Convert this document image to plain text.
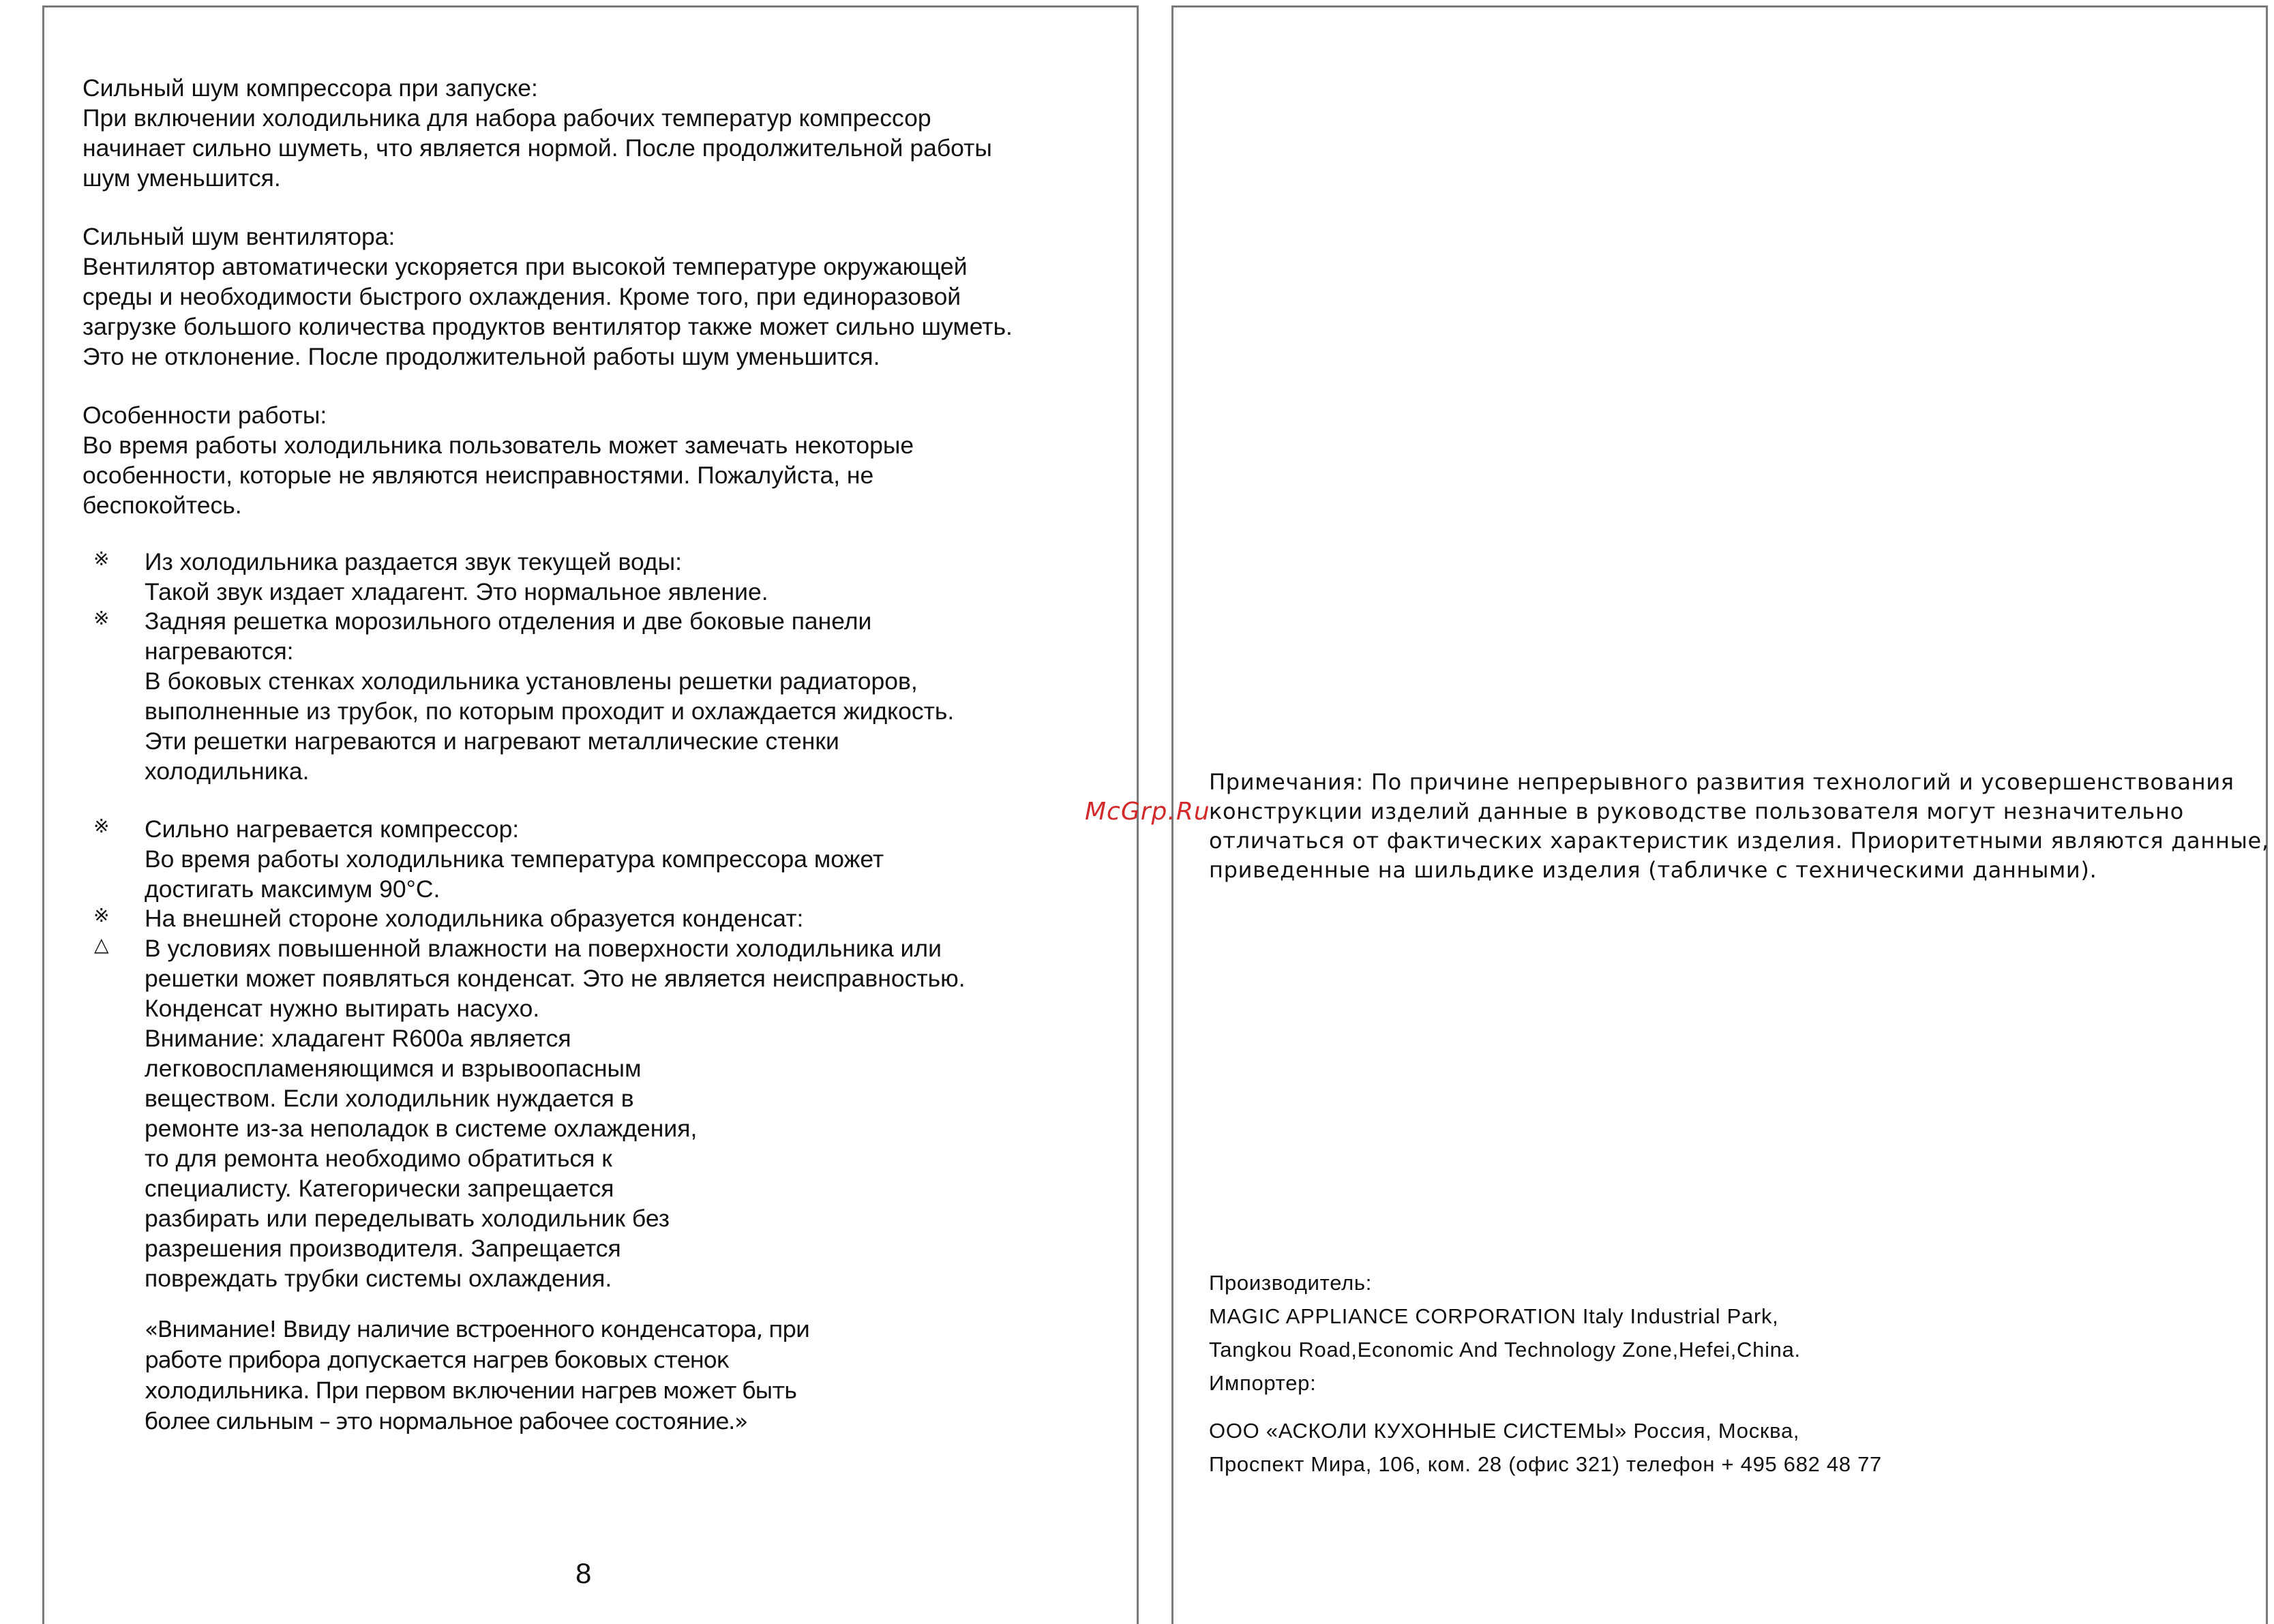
Сильный шум компрессора при запуске:
При включении холодильника для набора рабочих температур компрессор
начинает сильно шуметь, что является нормой. После продолжительной работы
шум уменьшится.
Сильный шум вентилятора:
Вентилятор автоматически ускоряется при высокой температуре окружающей
среды и необходимости быстрого охлаждения. Кроме того, при единоразовой
загрузке большого количества продуктов вентилятор также может сильно шуметь.
Это не отклонение. После продолжительной работы шум уменьшится.
Особенности работы:
Во время работы холодильника пользователь может замечать некоторые
особенности, которые не являются неисправностями. Пожалуйста, не
беспокойтесь.
※
※
※
※
△
Из холодильника раздается звук текущей воды:
Такой звук издает хладагент. Это нормальное явление.
Задняя решетка морозильного отделения и две боковые панели
нагреваются:
В боковых стенках холодильника установлены решетки радиаторов,
выполненные из трубок, по которым проходит и охлаждается жидкость.
Эти решетки нагреваются и нагревают металлические стенки
холодильника.
Сильно нагревается компрессор:
Во время работы холодильника температура компрессора может
достигать максимум 90°С.
На внешней стороне холодильника образуется конденсат:
В условиях повышенной влажности на поверхности холодильника или
решетки может появляться конденсат. Это не является неисправностью.
Конденсат нужно вытирать насухо.
Внимание: хладагент R600a является
легковоспламеняющимся и взрывоопасным
веществом. Если холодильник нуждается в
ремонте из-за неполадок в системе охлаждения,
то для ремонта необходимо обратиться к
специалисту. Категорически запрещается
разбирать или переделывать холодильник без
разрешения производителя. Запрещается
повреждать трубки системы охлаждения.
«Внимание! Ввиду наличие встроенного конденсатора, при
работе прибора допускается нагрев боковых стенок
холодильника. При первом включении нагрев может быть
более сильным – это нормальное рабочее состояние.»
8
Примечания: По причине непрерывного развития технологий и усовершенствования
конструкции изделий данные в руководстве пользователя могут незначительно
отличаться от фактических характеристик изделия. Приоритетными являются данные,
приведенные на шильдике изделия (табличке с техническими данными).
Производитель:
MAGIC APPLIANCE CORPORATION Italy Industrial Park,
Tangkou Road,Economic And Technology Zone,Hefei,China.
Импортер:
ООО «АСКОЛИ КУХОННЫЕ СИСТЕМЫ» Россия, Москва,
Проспект Мира, 106, ком. 28 (офис 321) телефон + 495 682 48 77
McGrp.Ru
